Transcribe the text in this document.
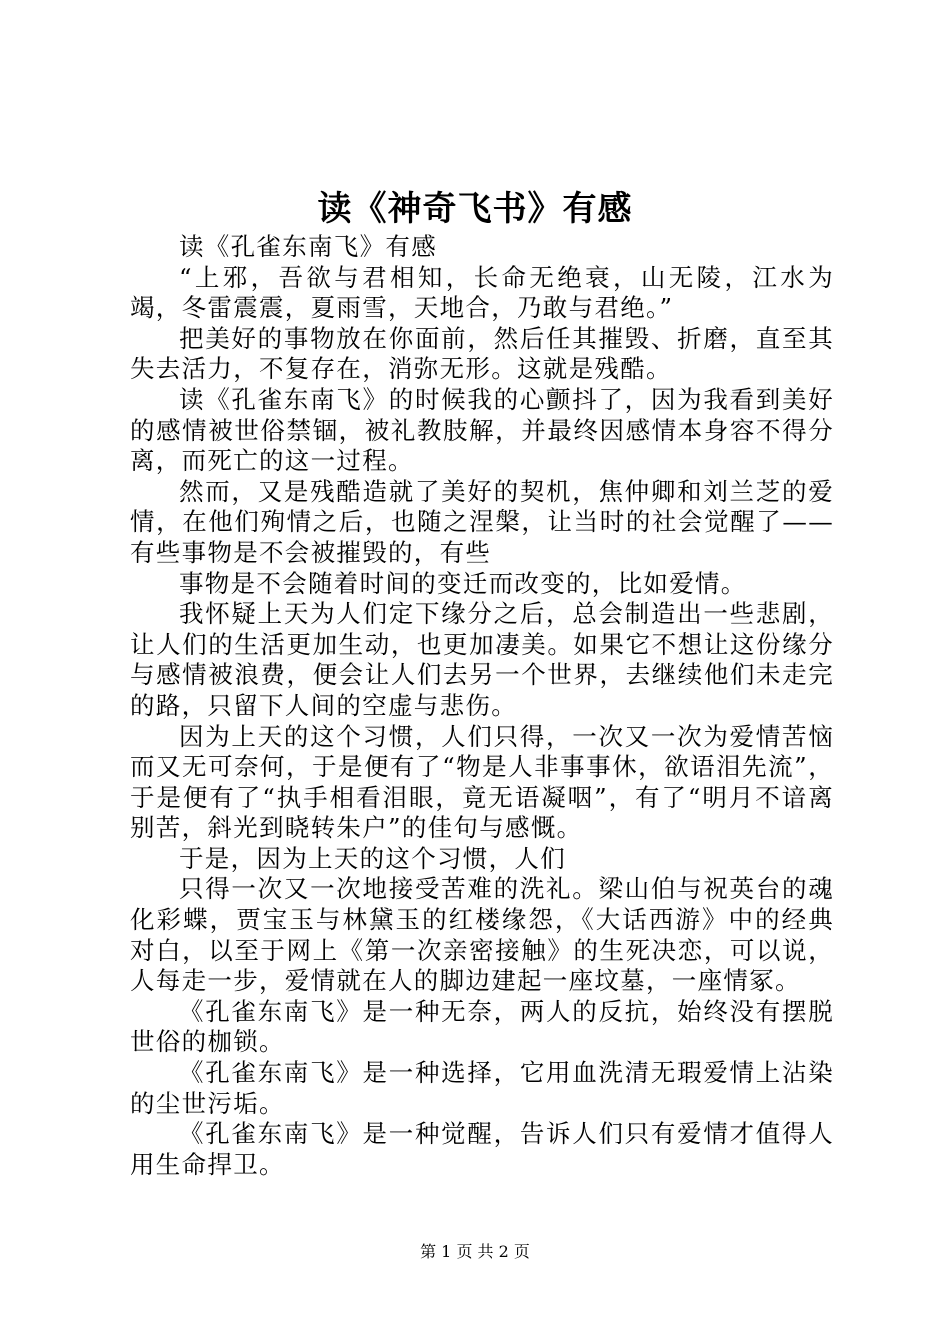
读《神奇飞书》有感

读《孔雀东南飞》有感

“上邪，吾欲与君相知，长命无绝衰，山无陵，江水为竭，冬雷震震，夏雨雪，天地合，乃敢与君绝。”

把美好的事物放在你面前，然后任其摧毁、折磨，直至其失去活力，不复存在，消弥无形。这就是残酷。

读《孔雀东南飞》的时候我的心颤抖了，因为我看到美好的感情被世俗禁锢，被礼教肢解，并最终因感情本身容不得分离，而死亡的这一过程。

然而，又是残酷造就了美好的契机，焦仲卿和刘兰芝的爱情，在他们殉情之后，也随之涅槃，让当时的社会觉醒了——有些事物是不会被摧毁的，有些

事物是不会随着时间的变迁而改变的，比如爱情。

我怀疑上天为人们定下缘分之后，总会制造出一些悲剧，让人们的生活更加生动，也更加凄美。如果它不想让这份缘分与感情被浪费，便会让人们去另一个世界，去继续他们未走完的路，只留下人间的空虚与悲伤。

因为上天的这个习惯，人们只得，一次又一次为爱情苦恼而又无可奈何，于是便有了“物是人非事事休，欲语泪先流”，于是便有了“执手相看泪眼，竟无语凝咽”，有了“明月不谙离别苦，斜光到晓转朱户”的佳句与感慨。

于是，因为上天的这个习惯，人们

只得一次又一次地接受苦难的洗礼。梁山伯与祝英台的魂化彩蝶，贾宝玉与林黛玉的红楼缘怨，《大话西游》中的经典对白，以至于网上《第一次亲密接触》的生死决恋，可以说，人每走一步，爱情就在人的脚边建起一座坟墓，一座情冢。

《孔雀东南飞》是一种无奈，两人的反抗，始终没有摆脱世俗的枷锁。

《孔雀东南飞》是一种选择，它用血洗清无瑕爱情上沾染的尘世污垢。

《孔雀东南飞》是一种觉醒，告诉人们只有爱情才值得人用生命捍卫。

第 1 页 共 2 页
